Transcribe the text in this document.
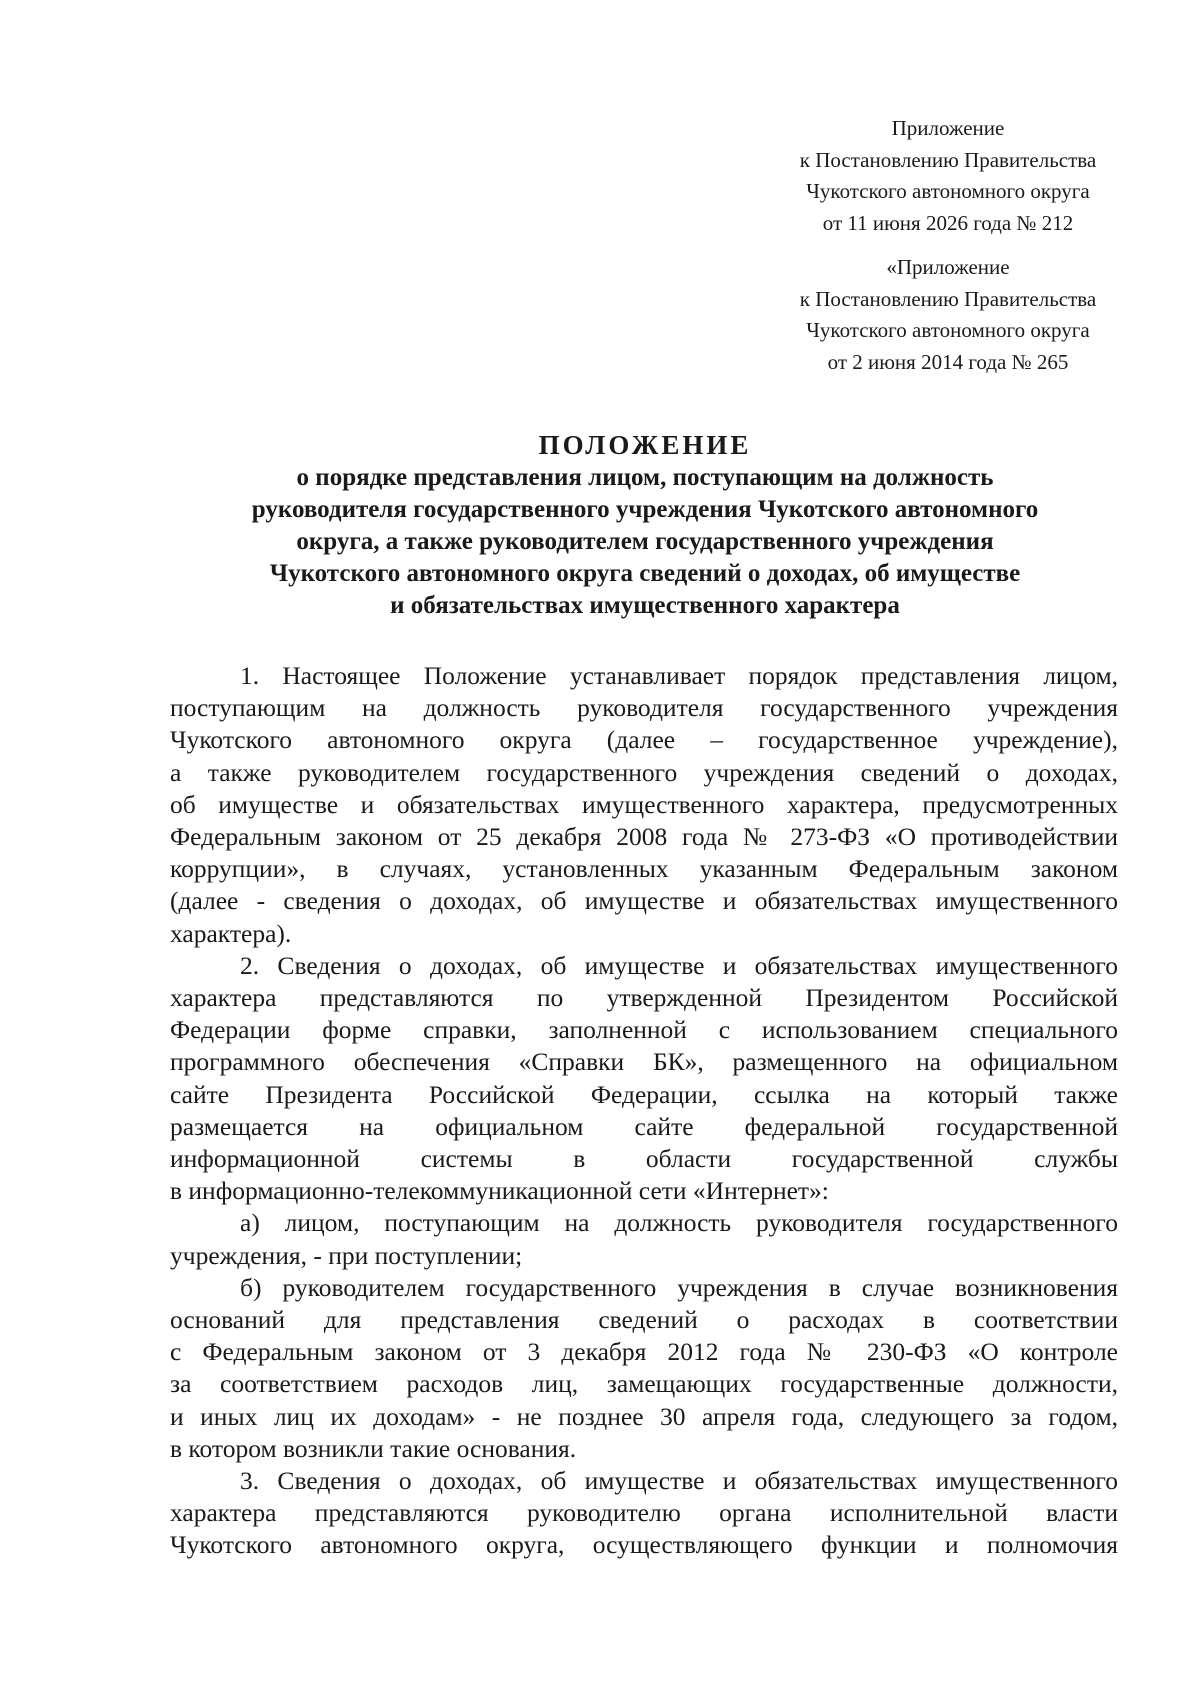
Приложение
к Постановлению Правительства
Чукотского автономного округа
от 11 июня 2026 года № 212
«Приложение
к Постановлению Правительства
Чукотского автономного округа
от 2 июня 2014 года № 265
ПОЛОЖЕНИЕ
о порядке представления лицом, поступающим на должность
руководителя государственного учреждения Чукотского автономного
округа, а также руководителем государственного учреждения
Чукотского автономного округа сведений о доходах, об имуществе
и обязательствах имущественного характера
1. Настоящее Положение устанавливает порядок представления лицом,
поступающим на должность руководителя государственного учреждения
Чукотского автономного округа (далее – государственное учреждение),
а также руководителем государственного учреждения сведений о доходах,
об имуществе и обязательствах имущественного характера, предусмотренных
Федеральным законом от 25 декабря 2008 года № 273-ФЗ «О противодействии
коррупции», в случаях, установленных указанным Федеральным законом
(далее - сведения о доходах, об имуществе и обязательствах имущественного
характера).
2. Сведения о доходах, об имуществе и обязательствах имущественного
характера представляются по утвержденной Президентом Российской
Федерации форме справки, заполненной с использованием специального
программного обеспечения «Справки БК», размещенного на официальном
сайте Президента Российской Федерации, ссылка на который также
размещается на официальном сайте федеральной государственной
информационной системы в области государственной службы
в информационно-телекоммуникационной сети «Интернет»:
а) лицом, поступающим на должность руководителя государственного
учреждения, - при поступлении;
б) руководителем государственного учреждения в случае возникновения
оснований для представления сведений о расходах в соответствии
с Федеральным законом от 3 декабря 2012 года № 230-ФЗ «О контроле
за соответствием расходов лиц, замещающих государственные должности,
и иных лиц их доходам» - не позднее 30 апреля года, следующего за годом,
в котором возникли такие основания.
3. Сведения о доходах, об имуществе и обязательствах имущественного
характера представляются руководителю органа исполнительной власти
Чукотского автономного округа, осуществляющего функции и полномочия
